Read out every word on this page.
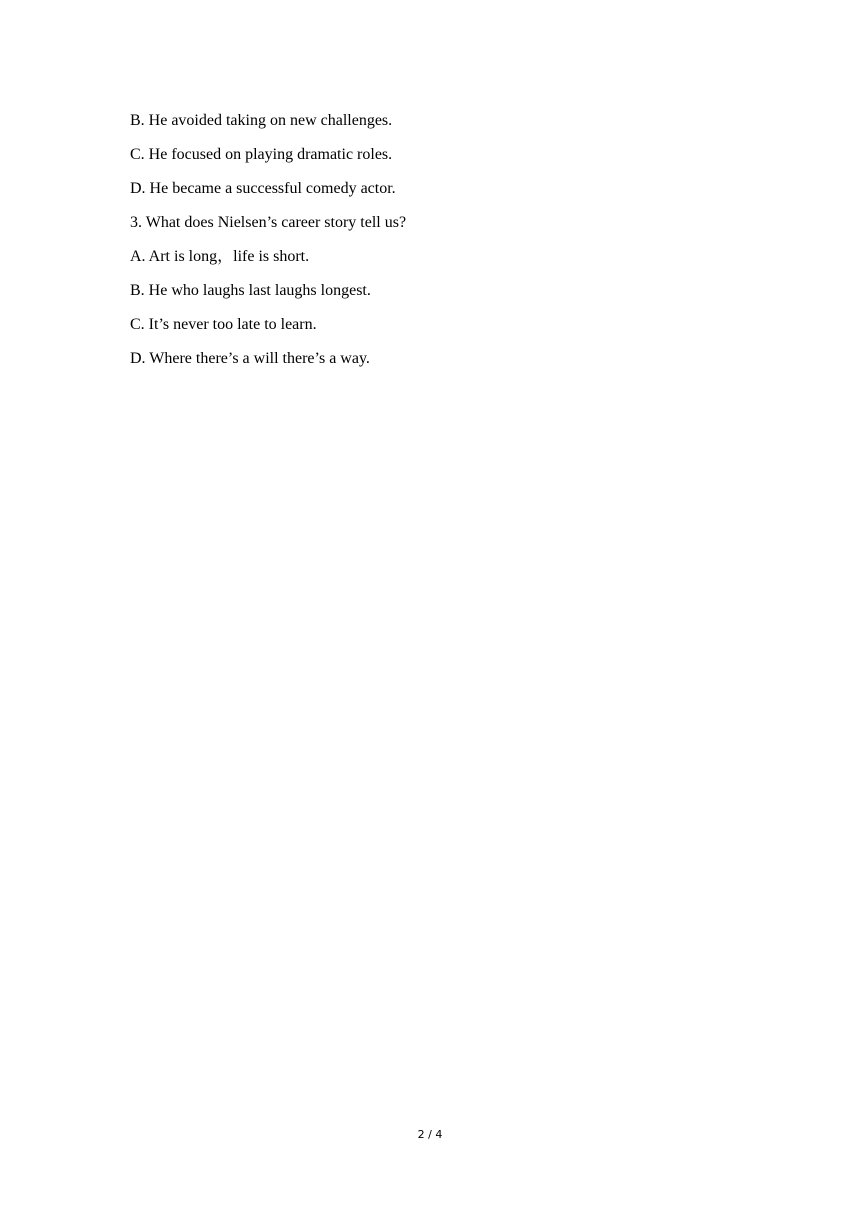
B. He avoided taking on new challenges.
C. He focused on playing dramatic roles.
D. He became a successful comedy actor.
3. What does Nielsen’s career story tell us?
A. Art is long，life is short.
B. He who laughs last laughs longest.
C. It’s never too late to learn.
D. Where there’s a will there’s a way.
2 / 4
